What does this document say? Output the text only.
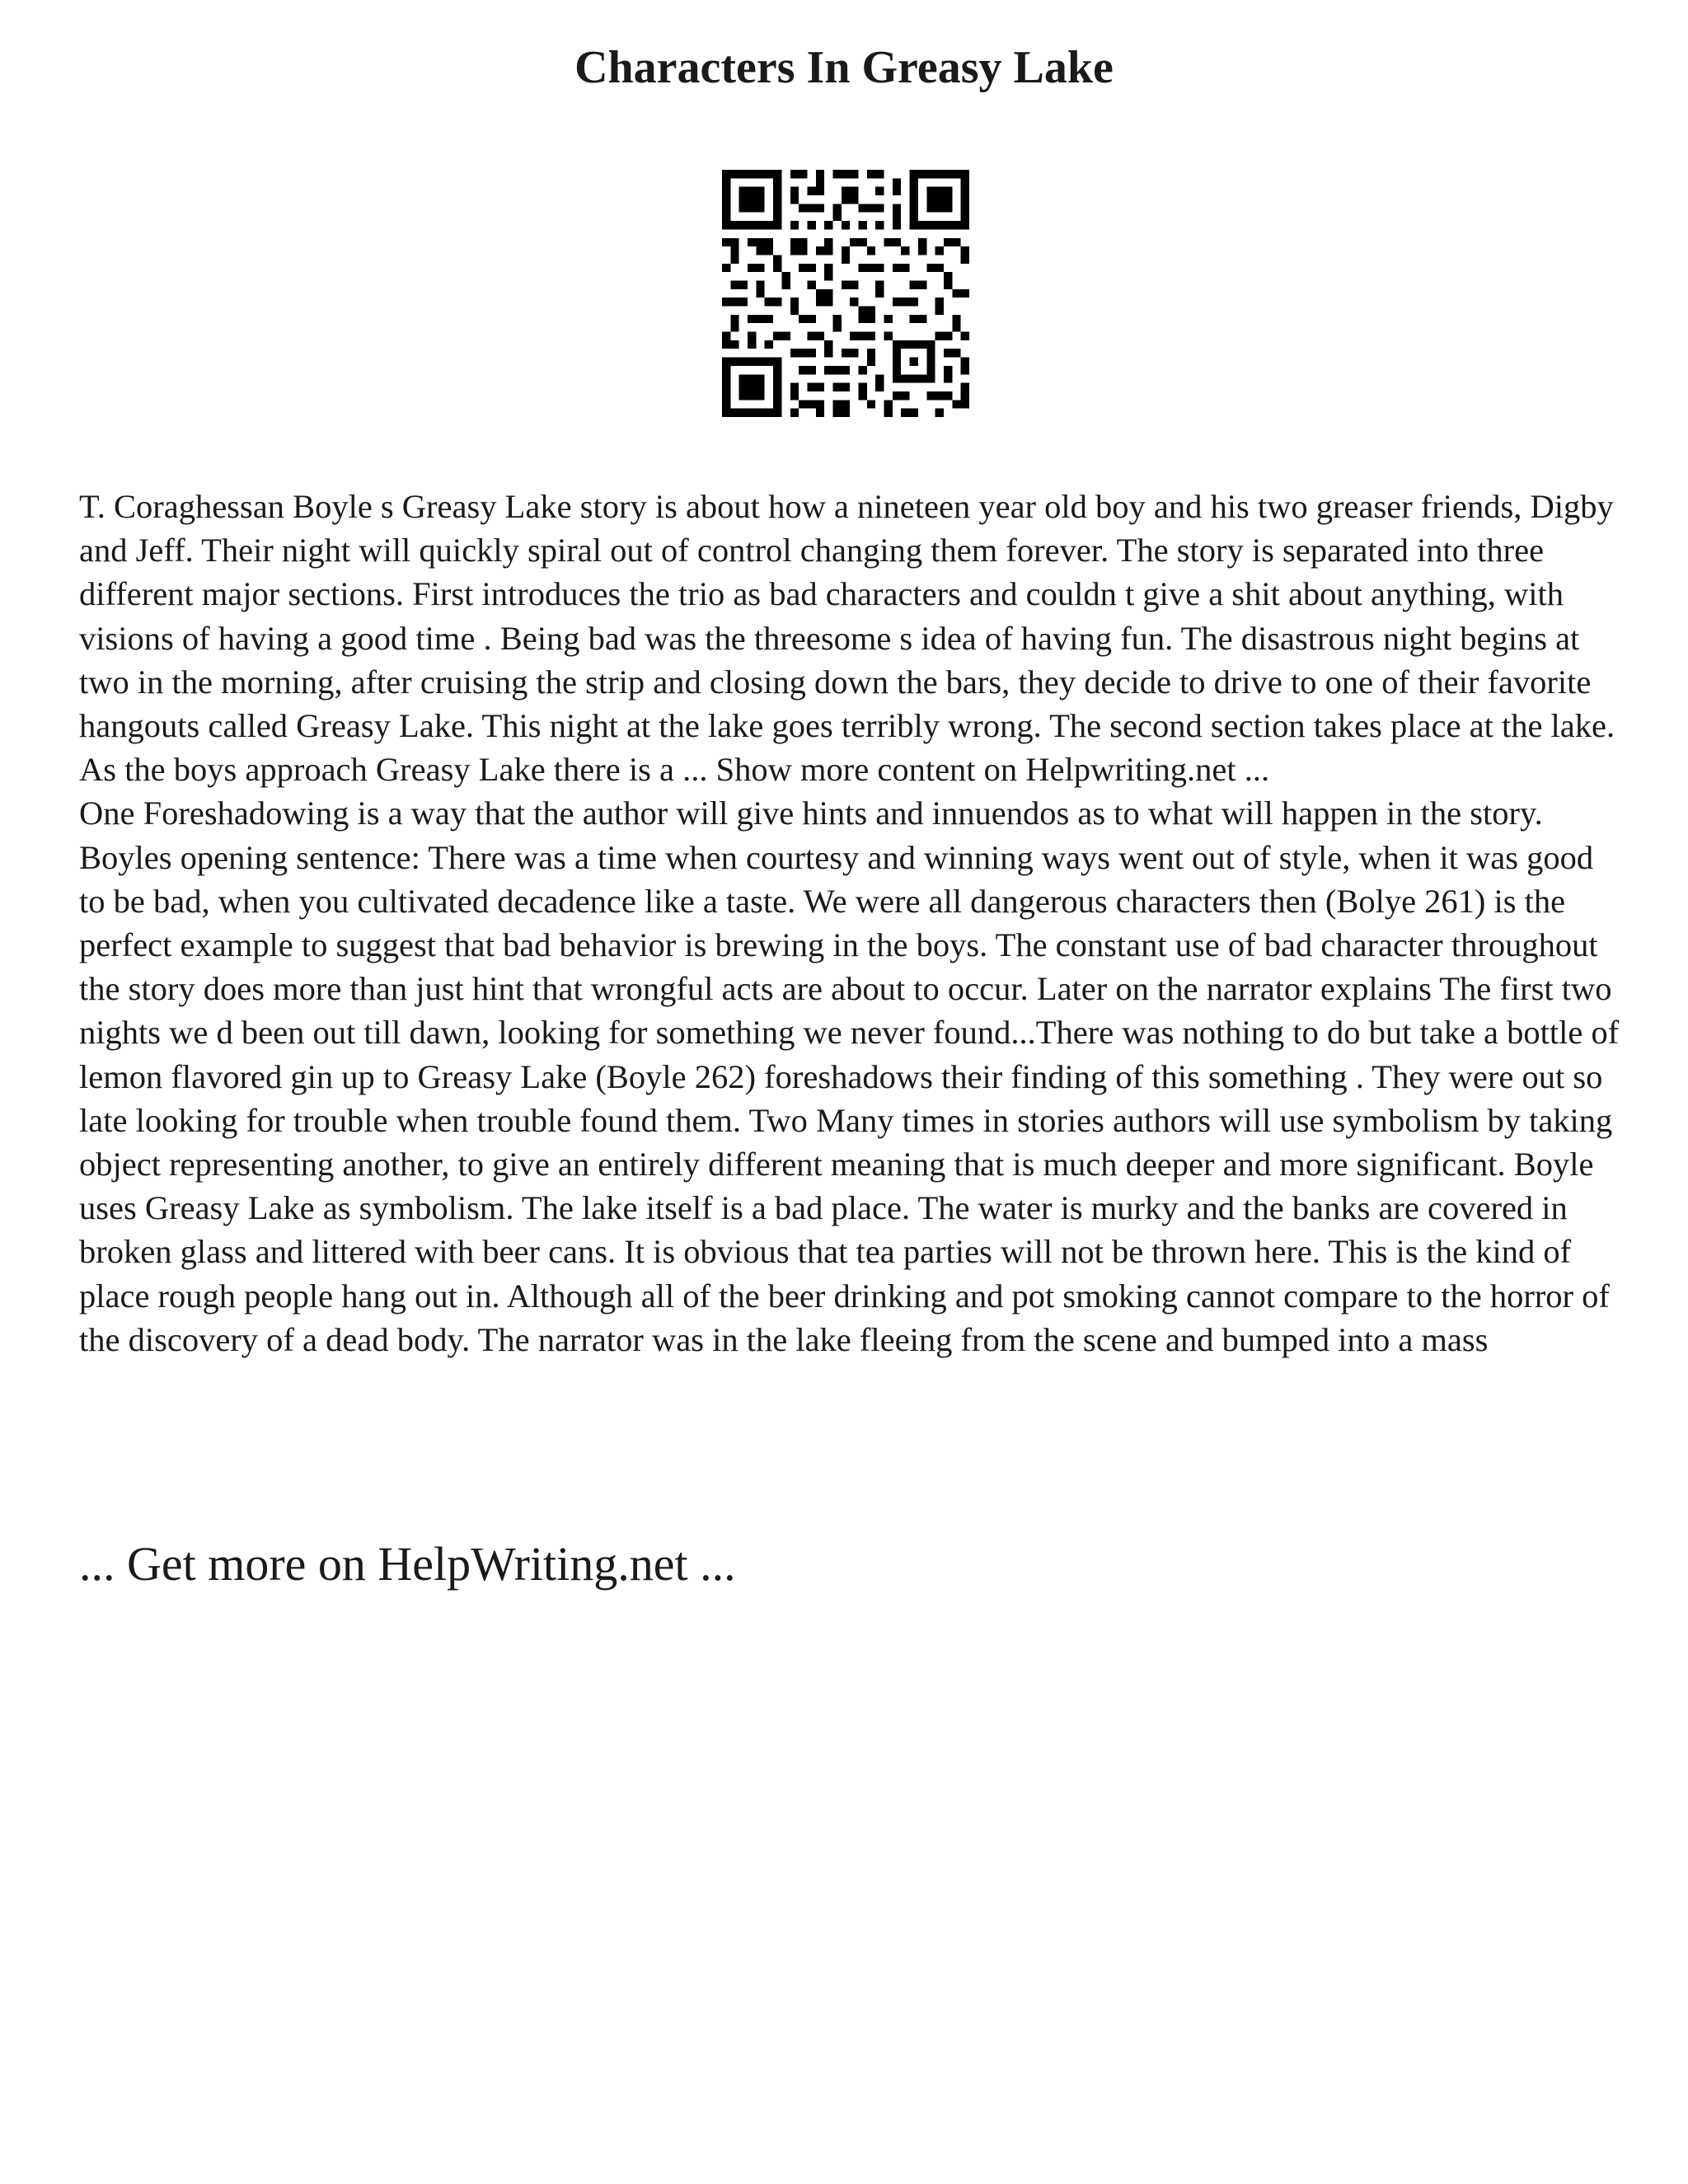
Characters In Greasy Lake

T. Coraghessan Boyle s Greasy Lake story is about how a nineteen year old boy and his two greaser friends, Digby and Jeff. Their night will quickly spiral out of control changing them forever. The story is separated into three different major sections. First introduces the trio as bad characters and couldn t give a shit about anything, with visions of having a good time . Being bad was the threesome s idea of having fun. The disastrous night begins at two in the morning, after cruising the strip and closing down the bars, they decide to drive to one of their favorite hangouts called Greasy Lake. This night at the lake goes terribly wrong. The second section takes place at the lake. As the boys approach Greasy Lake there is a ... Show more content on Helpwriting.net ...

One Foreshadowing is a way that the author will give hints and innuendos as to what will happen in the story. Boyles opening sentence: There was a time when courtesy and winning ways went out of style, when it was good to be bad, when you cultivated decadence like a taste. We were all dangerous characters then (Bolye 261) is the perfect example to suggest that bad behavior is brewing in the boys. The constant use of bad character throughout the story does more than just hint that wrongful acts are about to occur. Later on the narrator explains The first two nights we d been out till dawn, looking for something we never found...There was nothing to do but take a bottle of lemon flavored gin up to Greasy Lake (Boyle 262) foreshadows their finding of this something . They were out so late looking for trouble when trouble found them. Two Many times in stories authors will use symbolism by taking object representing another, to give an entirely different meaning that is much deeper and more significant. Boyle uses Greasy Lake as symbolism. The lake itself is a bad place. The water is murky and the banks are covered in broken glass and littered with beer cans. It is obvious that tea parties will not be thrown here. This is the kind of place rough people hang out in. Although all of the beer drinking and pot smoking cannot compare to the horror of the discovery of a dead body. The narrator was in the lake fleeing from the scene and bumped into a mass

... Get more on HelpWriting.net ...
